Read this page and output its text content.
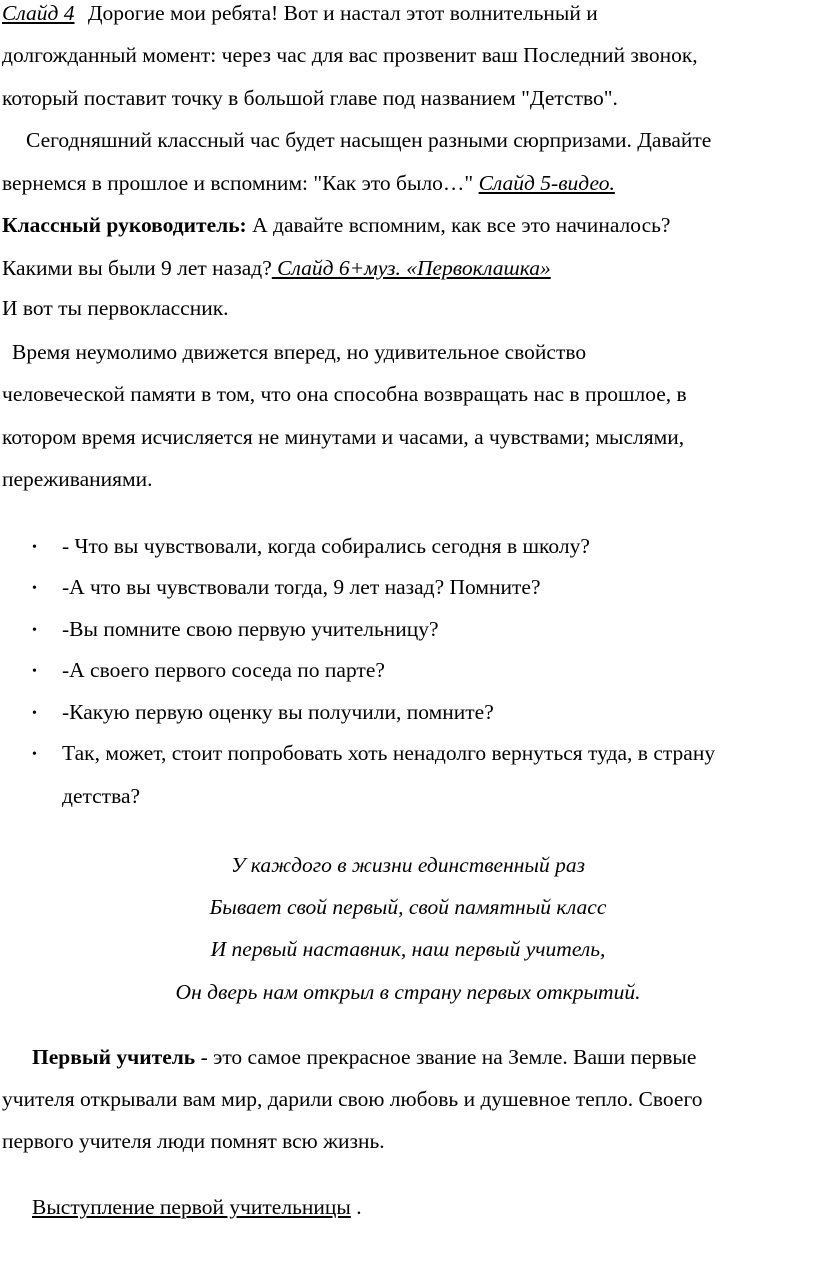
Слайд 4 Дорогие мои ребята! Вот и настал этот волнительный и
долгожданный момент: через час для вас прозвенит ваш Последний звонок,
который поставит точку в большой главе под названием "Детство".
Сегодняшний классный час будет насыщен разными сюрпризами. Давайте
вернемся в прошлое и вспомним: "Как это было…" Слайд 5-видео.
Классный руководитель: А давайте вспомним, как все это начиналось?
Какими вы были 9 лет назад? Слайд 6+муз. «Первоклашка»
И вот ты первоклассник.
Время неумолимо движется вперед, но удивительное свойство
человеческой памяти в том, что она способна возвращать нас в прошлое, в
котором время исчисляется не минутами и часами, а чувствами; мыслями,
переживаниями.
• - Что вы чувствовали, когда собирались сегодня в школу?
• -А что вы чувствовали тогда, 9 лет назад? Помните?
• -Вы помните свою первую учительницу?
• -А своего первого соседа по парте?
• -Какую первую оценку вы получили, помните?
• Так, может, стоит попробовать хоть ненадолго вернуться туда, в страну
детства?
У каждого в жизни единственный раз
Бывает свой первый, свой памятный класс
И первый наставник, наш первый учитель,
Он дверь нам открыл в страну первых открытий.
Первый учитель - это самое прекрасное звание на Земле. Ваши первые
учителя открывали вам мир, дарили свою любовь и душевное тепло. Своего
первого учителя люди помнят всю жизнь.
Выступление первой учительницы .
